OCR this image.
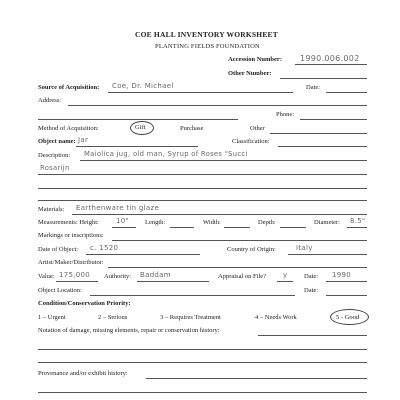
COE HALL INVENTORY WORKSHEET
PLANTING FIELDS FOUNDATION
Accession Number: 1990.006.002
Other Number:
Source of Acquisition: Coe, Dr. Michael	Date:
Address:
Phone:
Method of Acquisition:	Gift	Purchase	Other
Object name: Jar	Classification:
Description: Maiolica jug, old man, Syrup of Roses "Succi
Rosarijn
Materials: Earthenware tin glaze
Measurements: Height: 10" Length:	Width:	Depth:	Diameter: 8.5"
Markings or inscriptions:
Date of Object: c. 1520	Country of Origin:	Italy
Artist/Maker/Distributor:
Value: 175,000 Authority: Baddam	Appraisal on File? y	Date: 1990
Object Location:	Date:
Condition/Conservation Priority:
1 – Urgent	2 – Serious	3 – Requires Treatment	4 – Needs Work	5 - Good
Notation of damage, missing elements, repair or conservation history:
Provenance and/or exhibit history:
